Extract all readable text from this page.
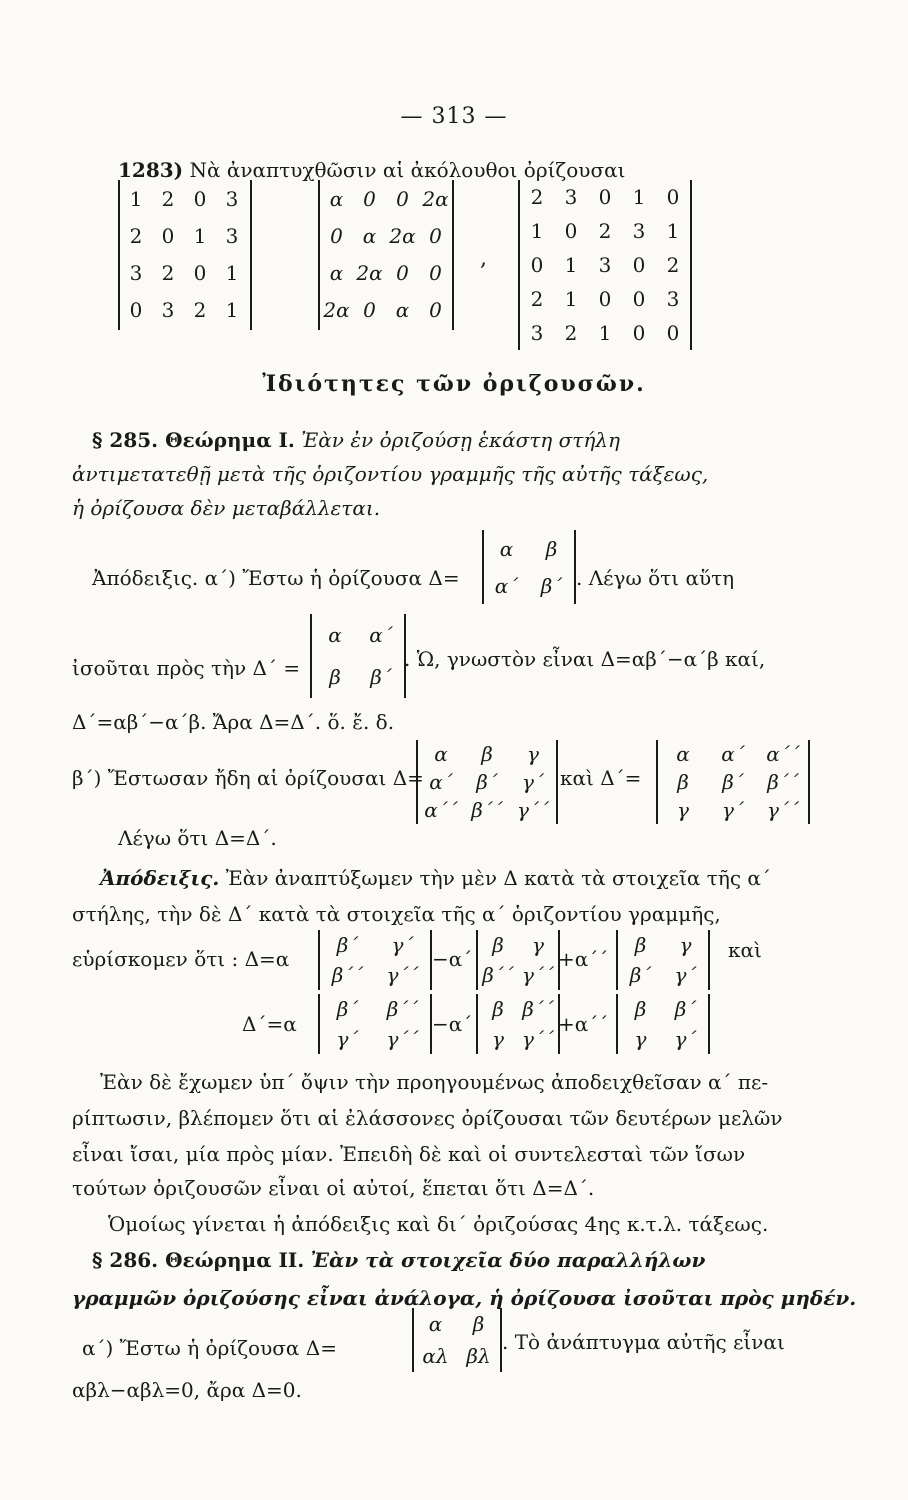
— 313 —
1283) Νὰ ἀναπτυχθῶσιν αἱ ἀκόλουθοι ὀρίζουσαι
1	2	0	3
2	0	1	3
3	2	0	1
0	3	2	1
α	0	0	2α
0	α	2α	0
α	2α	0	0
2α	0	α	0
,
2	3	0	1	0
1	0	2	3	1
0	1	3	0	2
2	1	0	0	3
3	2	1	0	0
Ἰδιότητες τῶν ὀριζουσῶν.
§ 285. Θεώρημα I. Ἐὰν ἐν ὀριζούσῃ ἑκάστη στήλη
ἀντιμετατεθῇ μετὰ τῆς ὁριζοντίου γραμμῆς τῆς αὐτῆς τάξεως,
ἡ ὀρίζουσα δὲν μεταβάλλεται.
Ἀπόδειξις. α΄) Ἔστω ἡ ὀρίζουσα Δ=
α	β
α΄	β΄ . Λέγω ὅτι αὕτη
ἰσοῦται πρὸς τὴν Δ΄ =
α	α΄
β	β΄
. Ὡ, γνωστὸν εἶναι Δ=αβ΄−α΄β καί,
Δ΄=αβ΄−α΄β. Ἄρα Δ=Δ΄. ὅ. ἔ. δ.
β΄) Ἔστωσαν ἤδη αἱ ὀρίζουσαι Δ=
α	β	γ
α΄	β΄	γ΄
α΄΄	β΄΄	γ΄΄
καὶ Δ΄=
α	α΄	α΄΄
β	β΄	β΄΄
γ	γ΄	γ΄΄
Λέγω ὅτι Δ=Δ΄.
Ἀπόδειξις. Ἐὰν ἀναπτύξωμεν τὴν μὲν Δ κατὰ τὰ στοιχεῖα τῆς α΄
στήλης, τὴν δὲ Δ΄ κατὰ τὰ στοιχεῖα τῆς α΄ ὁριζοντίου γραμμῆς,
εὑρίσκομεν ὅτι : Δ=α
β΄	γ΄
β΄΄	γ΄΄
−α΄
β	γ
β΄΄	γ΄΄
+α΄΄
β	γ
β΄	γ΄
καὶ
Δ΄=α
β΄	β΄΄
γ΄	γ΄΄
−α΄
β	β΄΄
γ	γ΄΄
+α΄΄
β	β΄
γ	γ΄
Ἐὰν δὲ ἔχωμεν ὑπ΄ ὄψιν τὴν προηγουμένως ἀποδειχθεῖσαν α΄ πε-
ρίπτωσιν, βλέπομεν ὅτι αἱ ἐλάσσονες ὀρίζουσαι τῶν δευτέρων μελῶν
εἶναι ἴσαι, μία πρὸς μίαν. Ἐπειδὴ δὲ καὶ οἱ συντελεσταὶ τῶν ἴσων
τούτων ὀριζουσῶν εἶναι οἱ αὐτοί, ἕπεται ὅτι Δ=Δ΄.
Ὁμοίως γίνεται ἡ ἀπόδειξις καὶ δι΄ ὀριζούσας 4ης κ.τ.λ. τάξεως.
§ 286. Θεώρημα II. Ἐὰν τὰ στοιχεῖα δύο παραλλήλων
γραμμῶν ὀριζούσης εἶναι ἀνάλογα, ἡ ὀρίζουσα ἰσοῦται πρὸς μηδέν.
α΄) Ἔστω ἡ ὀρίζουσα Δ=
α	β
αλ	βλ
. Τὸ ἀνάπτυγμα αὐτῆς εἶναι
αβλ−αβλ=0, ἄρα Δ=0.
